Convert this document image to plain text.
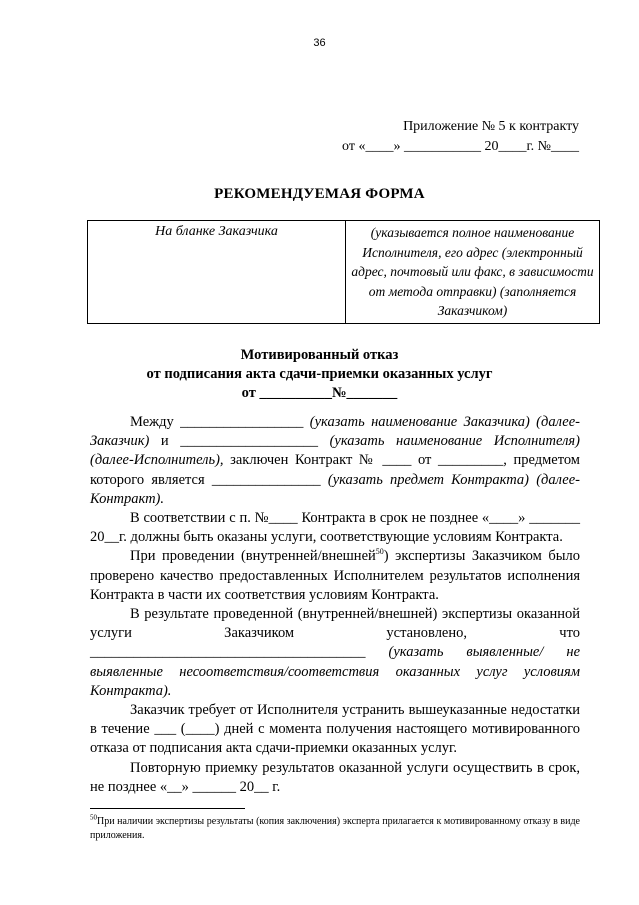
36
Приложение № 5 к контракту
от «____» ___________ 20____г. №____
РЕКОМЕНДУЕМАЯ ФОРМА
На бланке Заказчика	(указывается полное наименование Исполнителя, его адрес (электронный адрес, почтовый или факс, в зависимости от метода отправки) (заполняется Заказчиком)
Мотивированный отказ
от подписания акта сдачи-приемки оказанных услуг
от __________№_______

Между _________________ (указать наименование Заказчика) (далее-Заказчик) и ___________________ (указать наименование Исполнителя) (далее-Исполнитель), заключен Контракт № ____ от _________, предметом которого является _______________ (указать предмет Контракта) (далее-Контракт).

В соответствии с п. №____ Контракта в срок не позднее «____» _______ 20__г. должны быть оказаны услуги, соответствующие условиям Контракта.

При проведении (внутренней/внешней$^{50}$) экспертизы Заказчиком было проверено качество предоставленных Исполнителем результатов исполнения Контракта в части их соответствия условиям Контракта.

В результате проведенной (внутренней/внешней) экспертизы оказанной услуги Заказчиком установлено, что ______________________________________ (указать выявленные/ не выявленные несоответствия/соответствия оказанных услуг условиям Контракта).

Заказчик требует от Исполнителя устранить вышеуказанные недостатки в течение ___ (____) дней с момента получения настоящего мотивированного отказа от подписания акта сдачи-приемки оказанных услуг.

Повторную приемку результатов оказанной услуги осуществить в срок, не позднее «__» ______ 20__ г.

$^{50}$При наличии экспертизы результаты (копия заключения) эксперта прилагается к мотивированному отказу в виде приложения.
